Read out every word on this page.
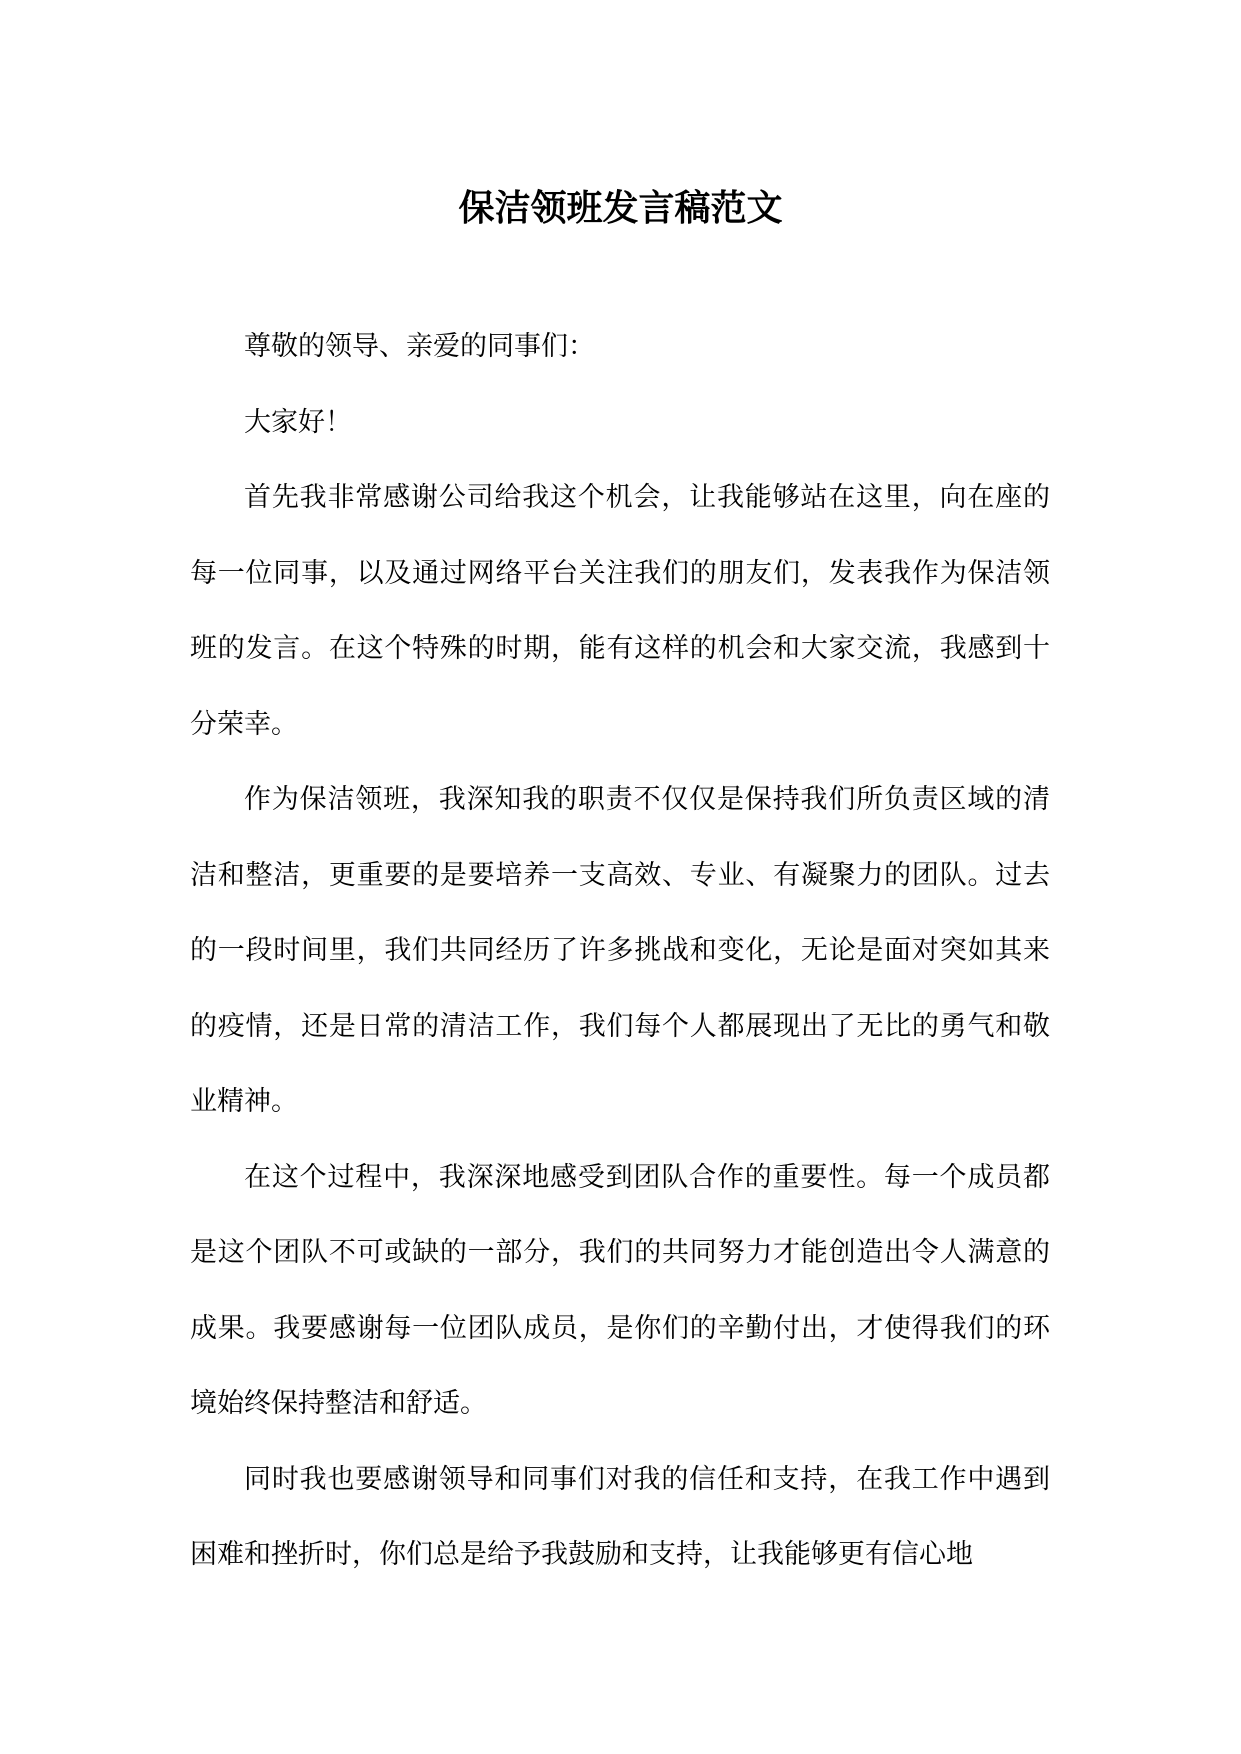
保洁领班发言稿范文

尊敬的领导、亲爱的同事们：

大家好！

首先我非常感谢公司给我这个机会，让我能够站在这里，向在座的每一位同事，以及通过网络平台关注我们的朋友们，发表我作为保洁领班的发言。在这个特殊的时期，能有这样的机会和大家交流，我感到十分荣幸。

作为保洁领班，我深知我的职责不仅仅是保持我们所负责区域的清洁和整洁，更重要的是要培养一支高效、专业、有凝聚力的团队。过去的一段时间里，我们共同经历了许多挑战和变化，无论是面对突如其来的疫情，还是日常的清洁工作，我们每个人都展现出了无比的勇气和敬业精神。

在这个过程中，我深深地感受到团队合作的重要性。每一个成员都是这个团队不可或缺的一部分，我们的共同努力才能创造出令人满意的成果。我要感谢每一位团队成员，是你们的辛勤付出，才使得我们的环境始终保持整洁和舒适。

同时我也要感谢领导和同事们对我的信任和支持，在我工作中遇到困难和挫折时，你们总是给予我鼓励和支持，让我能够更有信心地
